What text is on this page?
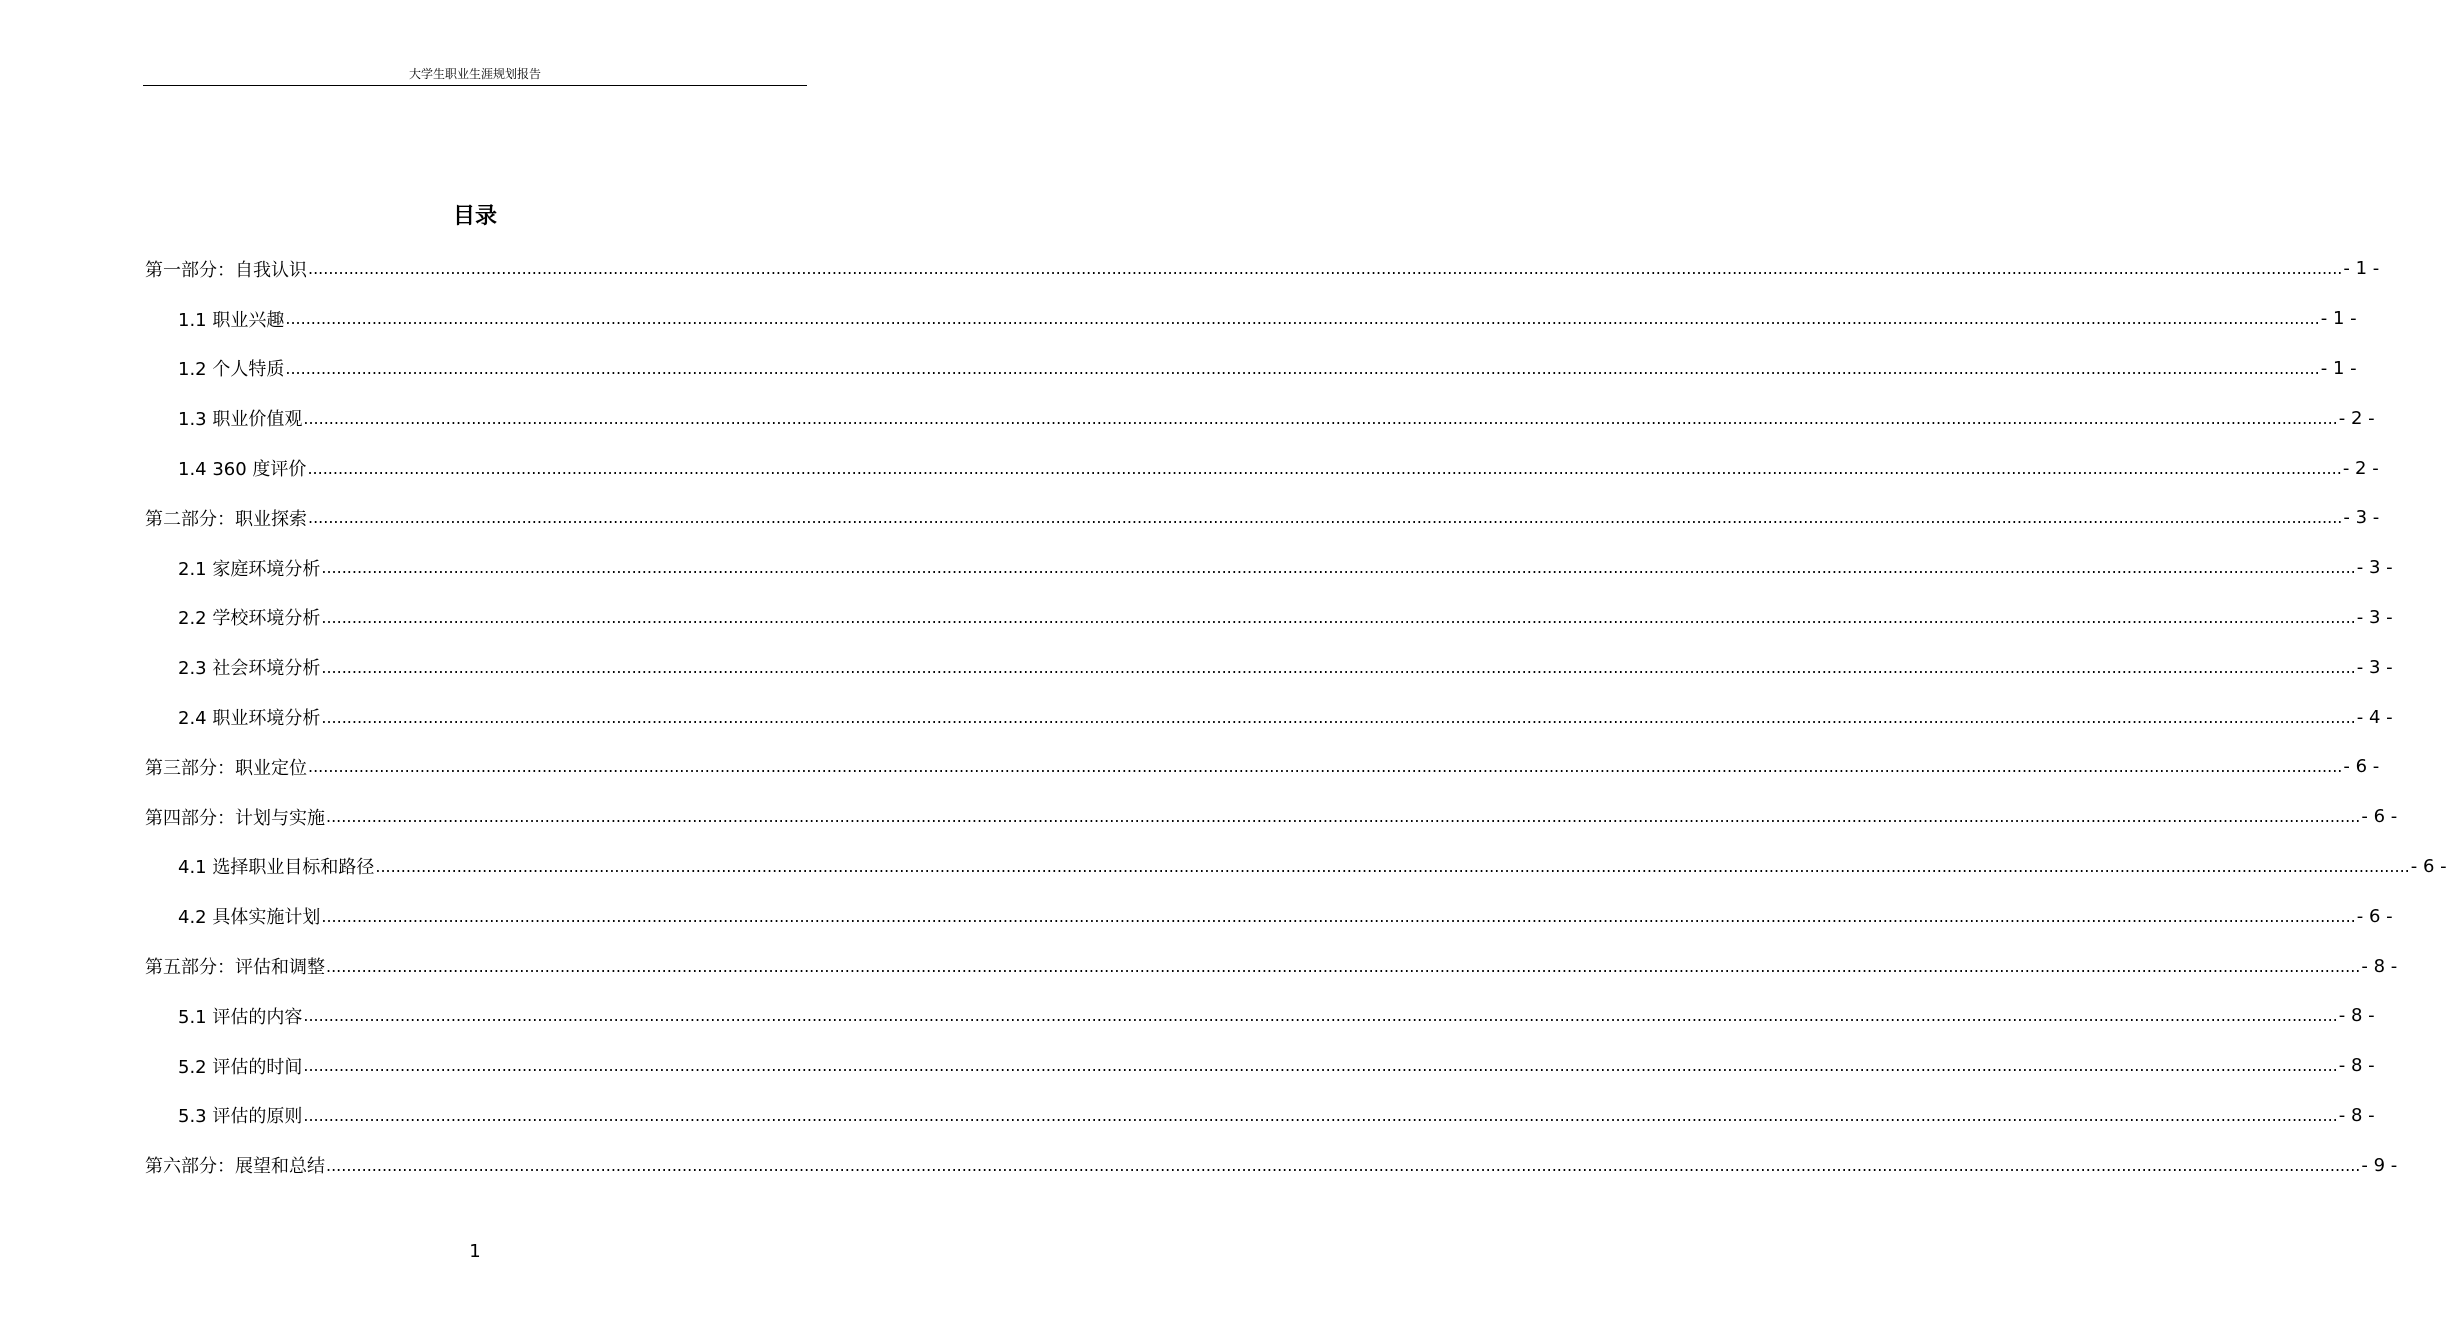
大学生职业生涯规划报告
目录
第一部分：自我认识 ................................................................................................................................................................................................................................................................................................................................................................................................................ - 1 -
1.1 职业兴趣 ................................................................................................................................................................................................................................................................................................................................................................................................................ - 1 -
1.2 个人特质 ................................................................................................................................................................................................................................................................................................................................................................................................................ - 1 -
1.3 职业价值观 ................................................................................................................................................................................................................................................................................................................................................................................................................ - 2 -
1.4 360 度评价 ................................................................................................................................................................................................................................................................................................................................................................................................................ - 2 -
第二部分：职业探索 ................................................................................................................................................................................................................................................................................................................................................................................................................ - 3 -
2.1 家庭环境分析 ................................................................................................................................................................................................................................................................................................................................................................................................................ - 3 -
2.2 学校环境分析 ................................................................................................................................................................................................................................................................................................................................................................................................................ - 3 -
2.3 社会环境分析 ................................................................................................................................................................................................................................................................................................................................................................................................................ - 3 -
2.4 职业环境分析 ................................................................................................................................................................................................................................................................................................................................................................................................................ - 4 -
第三部分：职业定位 ................................................................................................................................................................................................................................................................................................................................................................................................................ - 6 -
第四部分：计划与实施 ................................................................................................................................................................................................................................................................................................................................................................................................................ - 6 -
4.1 选择职业目标和路径 ................................................................................................................................................................................................................................................................................................................................................................................................................ - 6 -
4.2 具体实施计划 ................................................................................................................................................................................................................................................................................................................................................................................................................ - 6 -
第五部分：评估和调整 ................................................................................................................................................................................................................................................................................................................................................................................................................ - 8 -
5.1 评估的内容 ................................................................................................................................................................................................................................................................................................................................................................................................................ - 8 -
5.2 评估的时间 ................................................................................................................................................................................................................................................................................................................................................................................................................ - 8 -
5.3 评估的原则 ................................................................................................................................................................................................................................................................................................................................................................................................................ - 8 -
第六部分：展望和总结 ................................................................................................................................................................................................................................................................................................................................................................................................................ - 9 -
1
